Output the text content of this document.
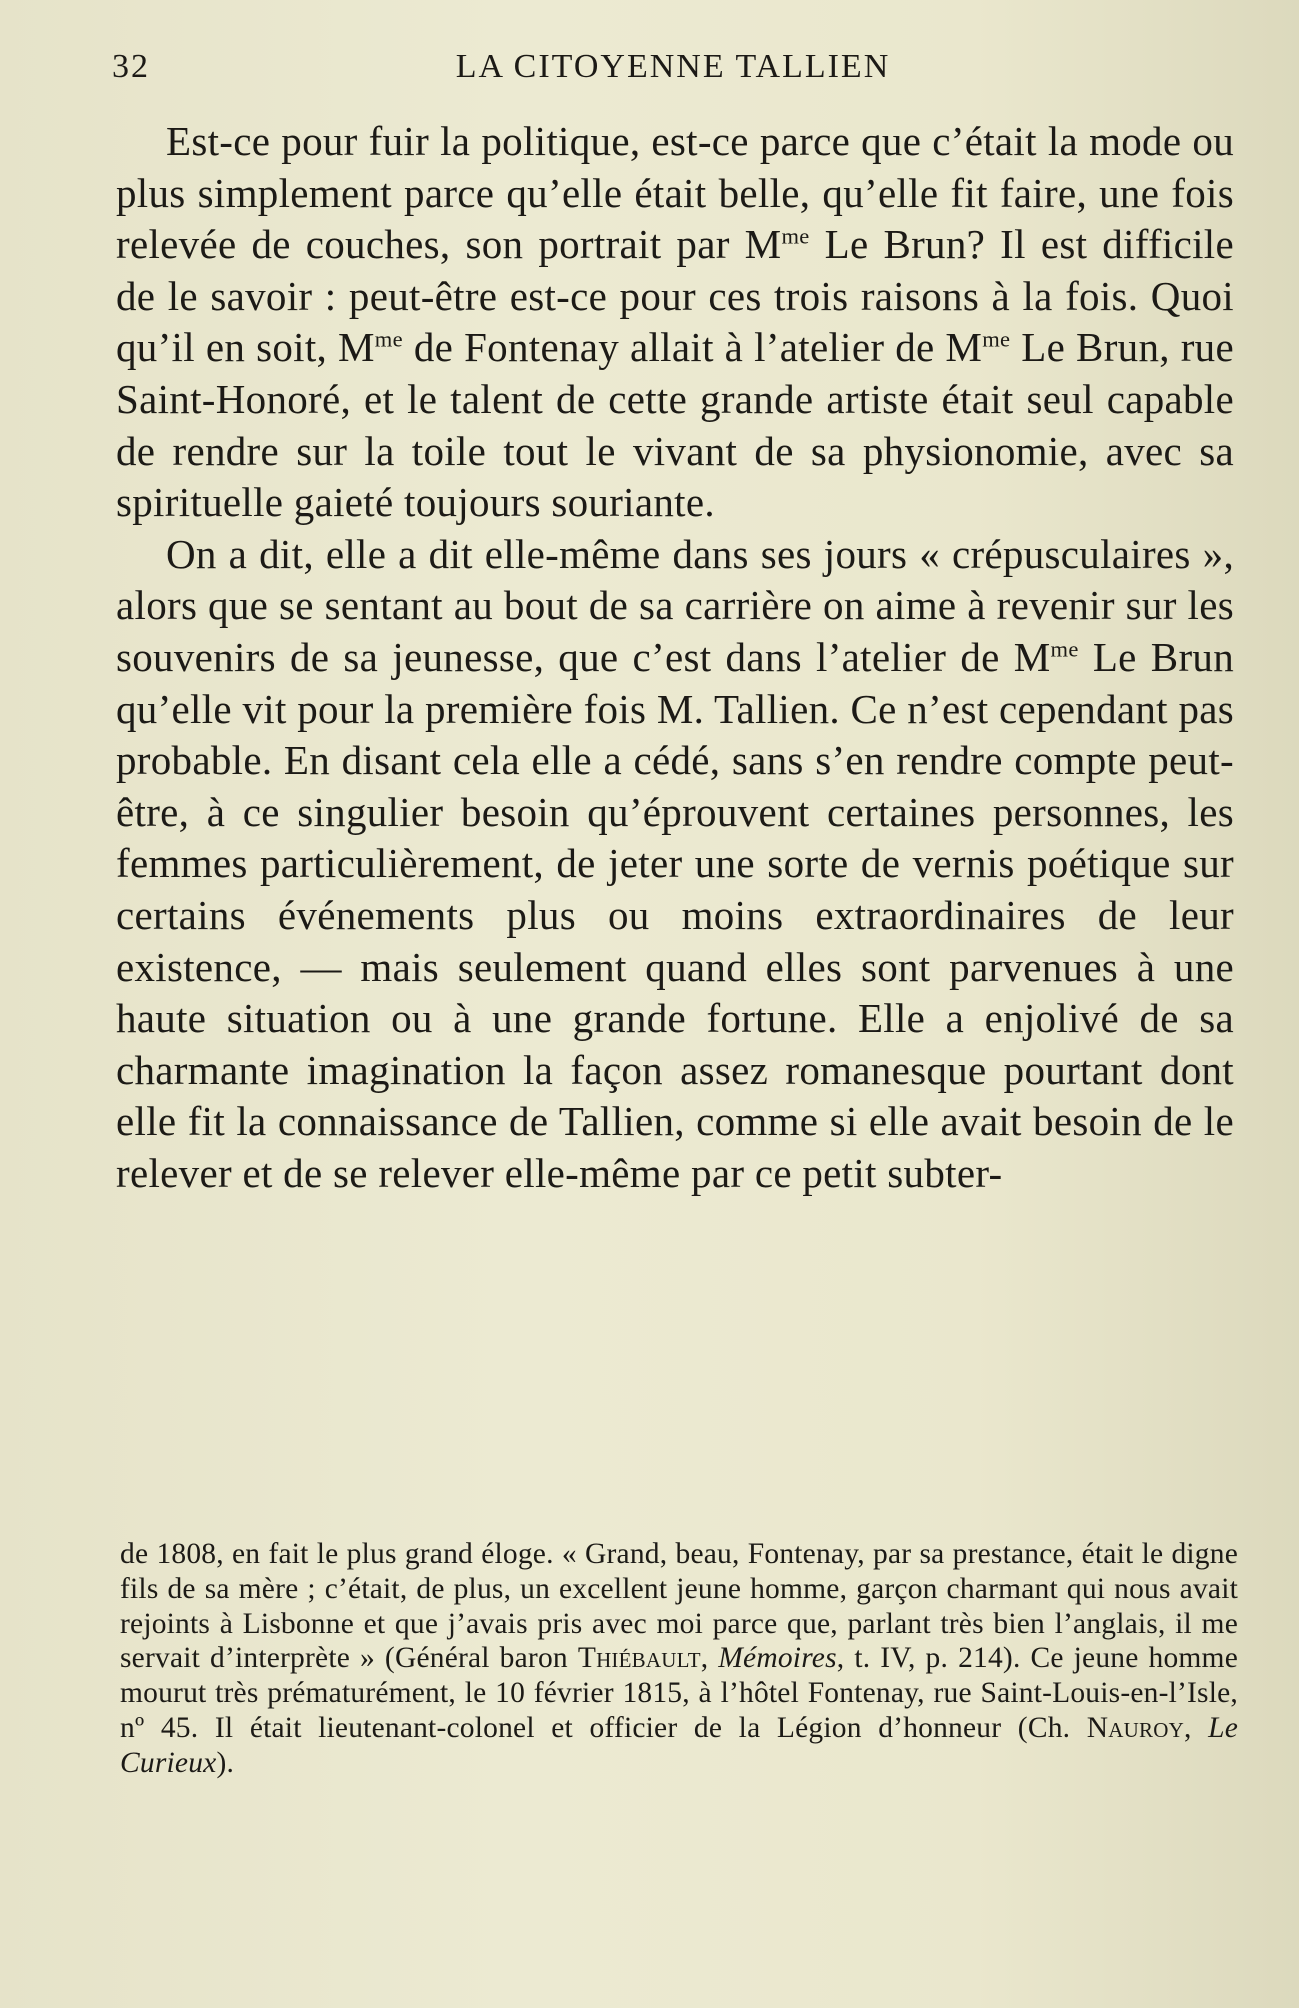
32	LA CITOYENNE TALLIEN

Est-ce pour fuir la politique, est-ce parce que c’était la mode ou plus simplement parce qu’elle était belle, qu’elle fit faire, une fois relevée de couches, son portrait par $M^{me}$ Le Brun? Il est difficile de le savoir : peut-être est-ce pour ces trois raisons à la fois. Quoi qu’il en soit, $M^{me}$ de Fontenay allait à l’atelier de $M^{me}$ Le Brun, rue Saint-Honoré, et le talent de cette grande artiste était seul capable de rendre sur la toile tout le vivant de sa physionomie, avec sa spirituelle gaieté toujours souriante.

On a dit, elle a dit elle-même dans ses jours « crépusculaires », alors que se sentant au bout de sa carrière on aime à revenir sur les souvenirs de sa jeunesse, que c’est dans l’atelier de $M^{me}$ Le Brun qu’elle vit pour la première fois M. Tallien. Ce n’est cependant pas probable. En disant cela elle a cédé, sans s’en rendre compte peut-être, à ce singulier besoin qu’éprouvent certaines personnes, les femmes particulièrement, de jeter une sorte de vernis poétique sur certains événements plus ou moins extraordinaires de leur existence, — mais seulement quand elles sont parvenues à une haute situation ou à une grande fortune. Elle a enjolivé de sa charmante imagination la façon assez romanesque pourtant dont elle fit la connaissance de Tallien, comme si elle avait besoin de le relever et de se relever elle-même par ce petit subter-

de 1808, en fait le plus grand éloge. « Grand, beau, Fontenay, par sa prestance, était le digne fils de sa mère ; c’était, de plus, un excellent jeune homme, garçon charmant qui nous avait rejoints à Lisbonne et que j’avais pris avec moi parce que, parlant très bien l’anglais, il me servait d’interprète » (Général baron Thiébault, Mémoires, t. IV, p. 214). Ce jeune homme mourut très prématurément, le 10 février 1815, à l’hôtel Fontenay, rue Saint-Louis-en-l’Isle, nº 45. Il était lieutenant-colonel et officier de la Légion d’honneur (Ch. Nauroy, Le Curieux).
